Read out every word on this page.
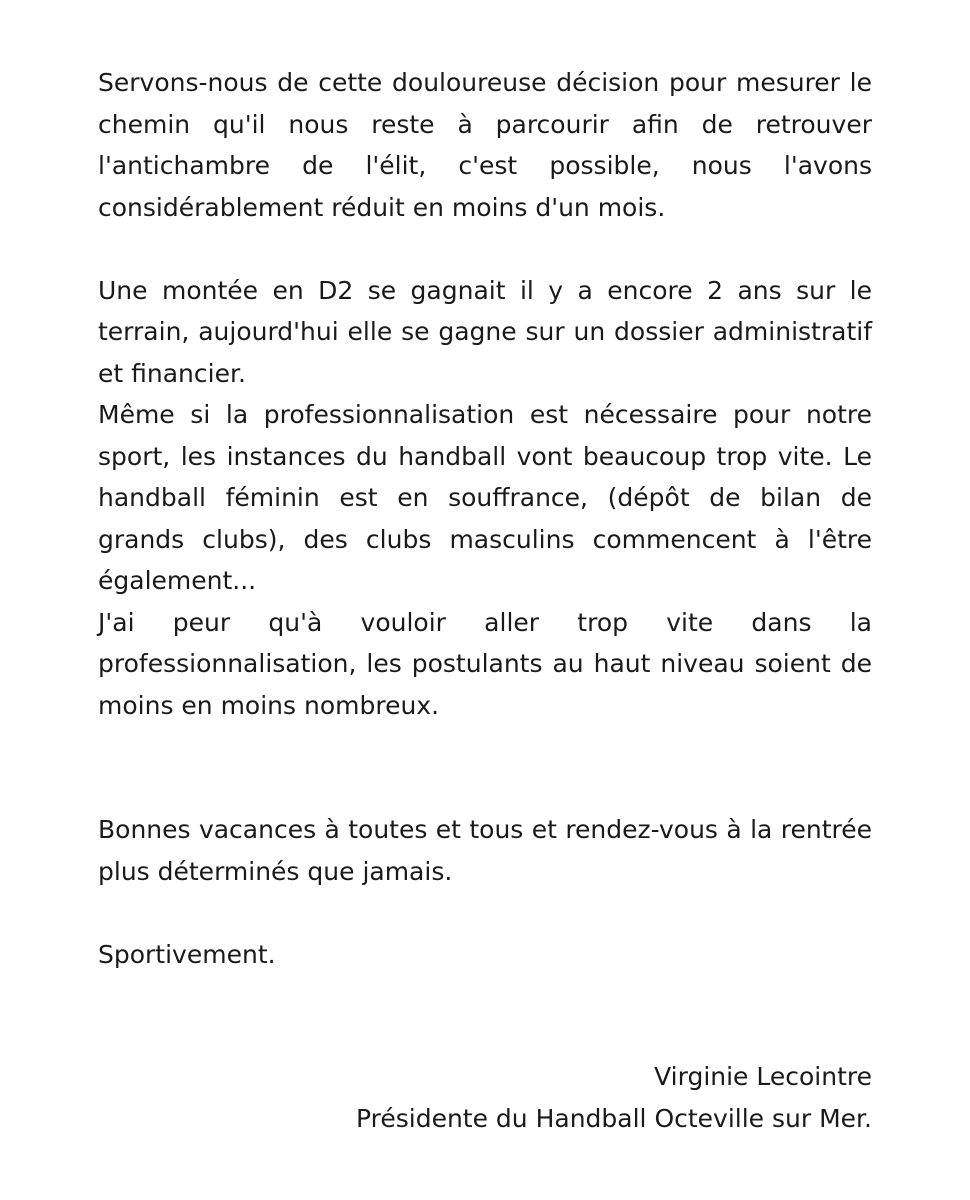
Servons-nous de cette douloureuse décision pour mesurer le chemin qu'il nous reste à parcourir afin de retrouver l'antichambre de l'élit, c'est possible, nous l'avons considérablement réduit en moins d'un mois.

Une montée en D2 se gagnait il y a encore 2 ans sur le terrain, aujourd'hui elle se gagne sur un dossier administratif et financier.

Même si la professionnalisation est nécessaire pour notre sport, les instances du handball vont beaucoup trop vite. Le handball féminin est en souffrance, (dépôt de bilan de grands clubs), des clubs masculins commencent à l'être également...

J'ai peur qu'à vouloir aller trop vite dans la professionnalisation, les postulants au haut niveau soient de moins en moins nombreux.

Bonnes vacances à toutes et tous et rendez-vous à la rentrée plus déterminés que jamais.

Sportivement.

Virginie Lecointre
Présidente du Handball Octeville sur Mer.
